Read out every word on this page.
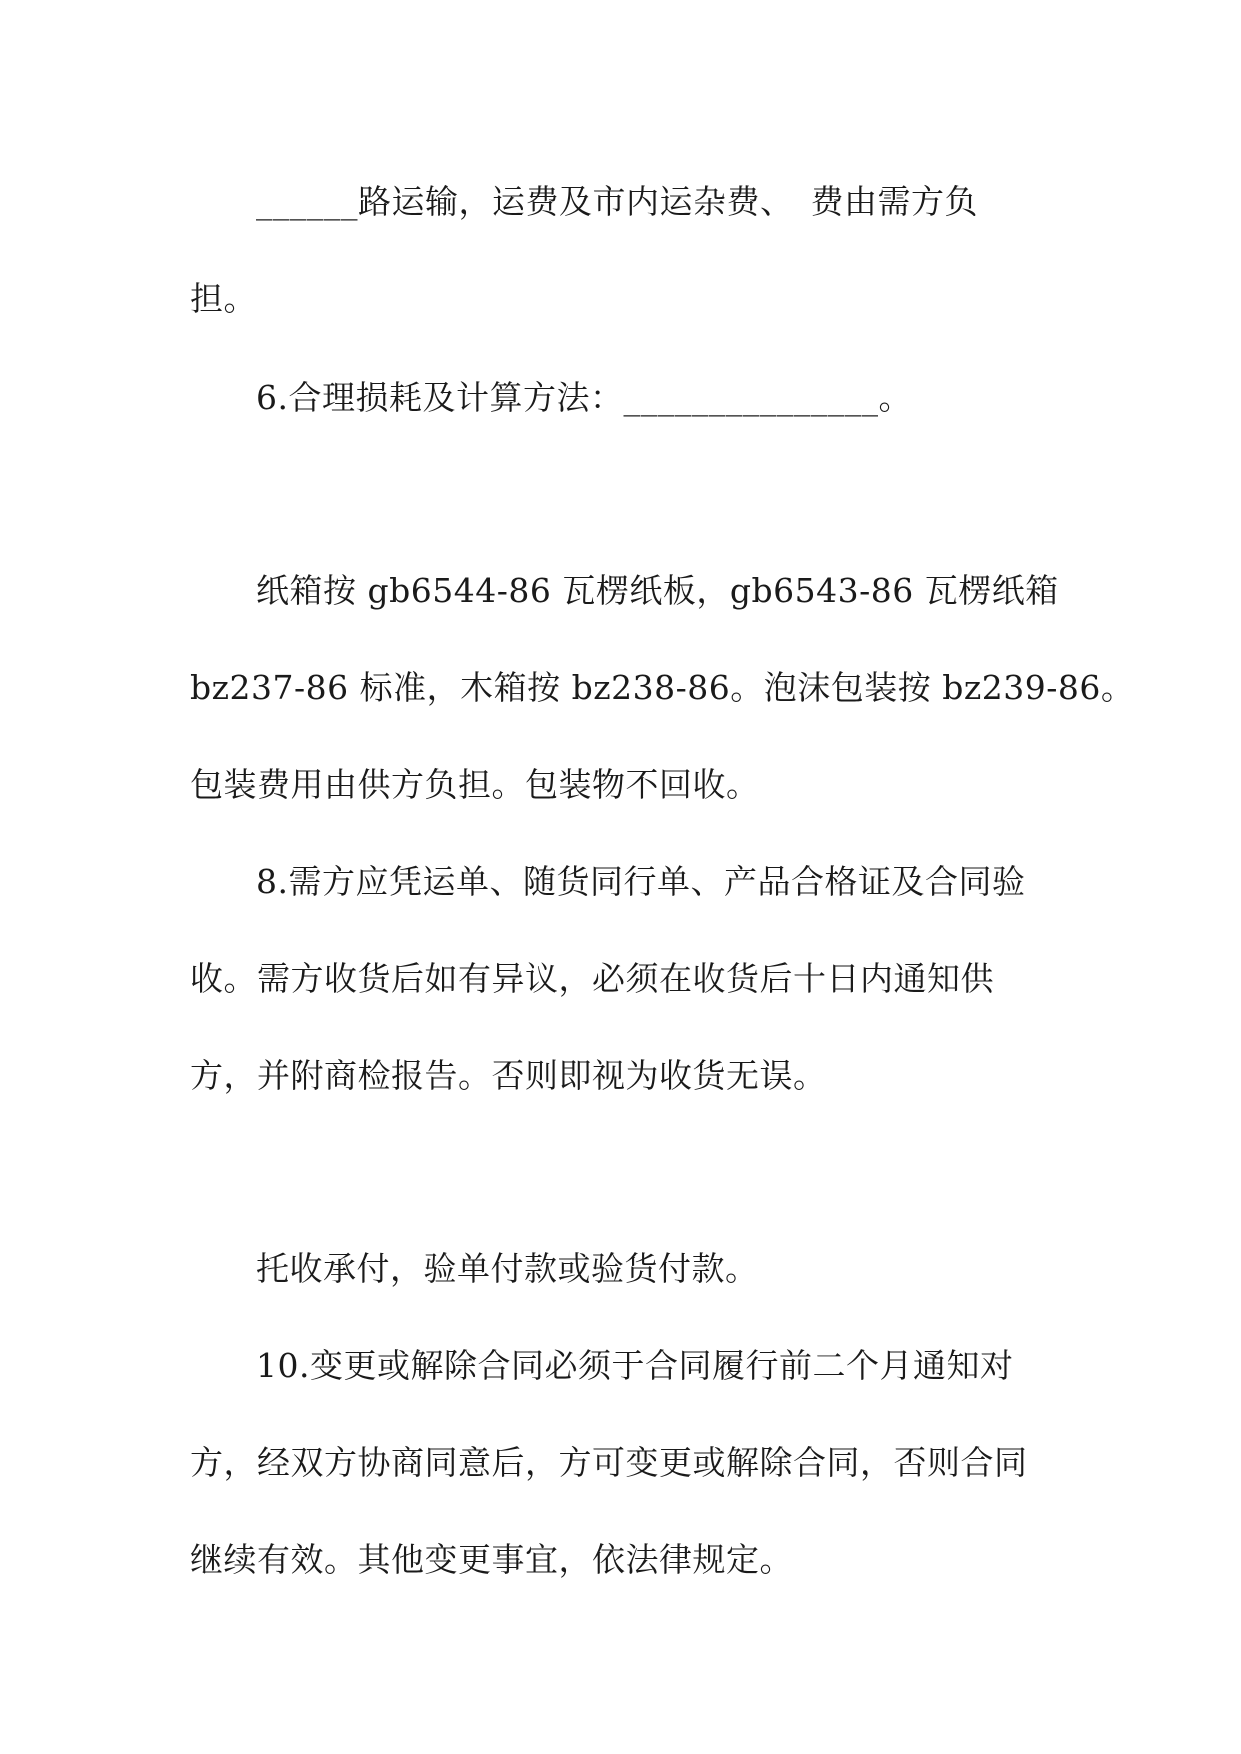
______路运输，运费及市内运杂费、　费由需方负
担。
6.合理损耗及计算方法：_______________。
纸箱按 gb6544-86 瓦楞纸板，gb6543-86 瓦楞纸箱
bz237-86 标准，木箱按 bz238-86。泡沫包装按 bz239-86。
包装费用由供方负担。包装物不回收。
8.需方应凭运单、随货同行单、产品合格证及合同验
收。需方收货后如有异议，必须在收货后十日内通知供
方，并附商检报告。否则即视为收货无误。
托收承付，验单付款或验货付款。
10.变更或解除合同必须于合同履行前二个月通知对
方，经双方协商同意后，方可变更或解除合同，否则合同
继续有效。其他变更事宜，依法律规定。
